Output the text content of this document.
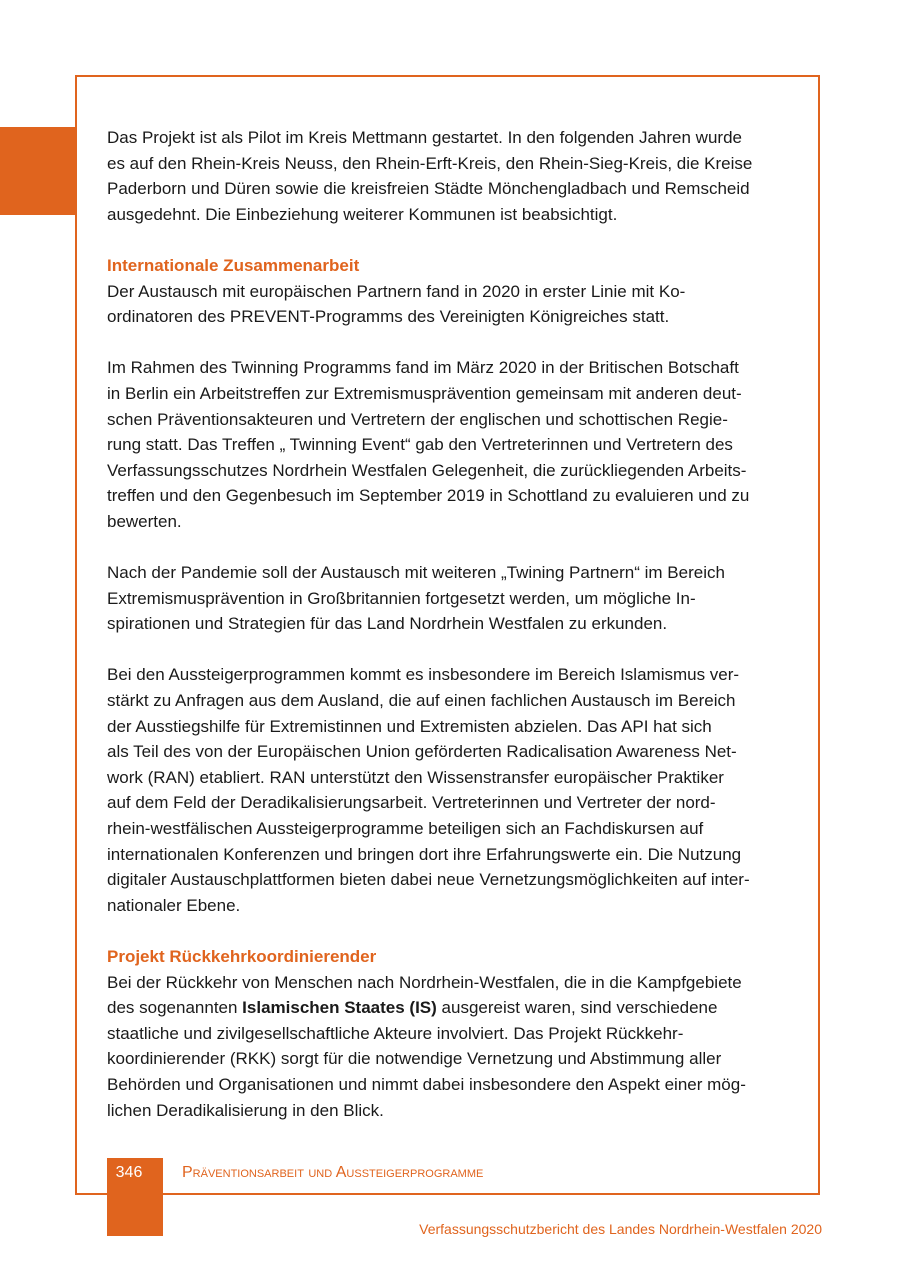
Das Projekt ist als Pilot im Kreis Mettmann gestartet. In den folgenden Jahren wurde
es auf den Rhein-Kreis Neuss, den Rhein-Erft-Kreis, den Rhein-Sieg-Kreis, die Kreise
Paderborn und Düren sowie die kreisfreien Städte Mönchengladbach und Remscheid
ausgedehnt. Die Einbeziehung weiterer Kommunen ist beabsichtigt.

Internationale Zusammenarbeit

Der Austausch mit europäischen Partnern fand in 2020 in erster Linie mit Ko-
ordinatoren des PREVENT-Programms des Vereinigten Königreiches statt.

Im Rahmen des Twinning Programms fand im März 2020 in der Britischen Botschaft
in Berlin ein Arbeitstreffen zur Extremismusprävention gemeinsam mit anderen deut-
schen Präventionsakteuren und Vertretern der englischen und schottischen Regie-
rung statt. Das Treffen „ Twinning Event“ gab den Vertreterinnen und Vertretern des
Verfassungsschutzes Nordrhein Westfalen Gelegenheit, die zurückliegenden Arbeits-
treffen und den Gegenbesuch im September 2019 in Schottland zu evaluieren und zu
bewerten.

Nach der Pandemie soll der Austausch mit weiteren „Twining Partnern“ im Bereich
Extremismusprävention in Großbritannien fortgesetzt werden, um mögliche In-
spirationen und Strategien für das Land Nordrhein Westfalen zu erkunden.

Bei den Aussteigerprogrammen kommt es insbesondere im Bereich Islamismus ver-
stärkt zu Anfragen aus dem Ausland, die auf einen fachlichen Austausch im Bereich
der Ausstiegshilfe für Extremistinnen und Extremisten abzielen. Das API hat sich
als Teil des von der Europäischen Union geförderten Radicalisation Awareness Net-
work (RAN) etabliert. RAN unterstützt den Wissenstransfer europäischer Praktiker
auf dem Feld der Deradikalisierungsarbeit. Vertreterinnen und Vertreter der nord-
rhein-westfälischen Aussteigerprogramme beteiligen sich an Fachdiskursen auf
internationalen Konferenzen und bringen dort ihre Erfahrungswerte ein. Die Nutzung
digitaler Austauschplattformen bieten dabei neue Vernetzungsmöglichkeiten auf inter-
nationaler Ebene.

Projekt Rückkehrkoordinierender

Bei der Rückkehr von Menschen nach Nordrhein-Westfalen, die in die Kampfgebiete
des sogenannten Islamischen Staates (IS) ausgereist waren, sind verschiedene
staatliche und zivilgesellschaftliche Akteure involviert. Das Projekt Rückkehr-
koordinierender (RKK) sorgt für die notwendige Vernetzung und Abstimmung aller
Behörden und Organisationen und nimmt dabei insbesondere den Aspekt einer mög-
lichen Deradikalisierung in den Blick.

346	Präventionsarbeit und Aussteigerprogramme
Verfassungsschutzbericht des Landes Nordrhein-Westfalen 2020
